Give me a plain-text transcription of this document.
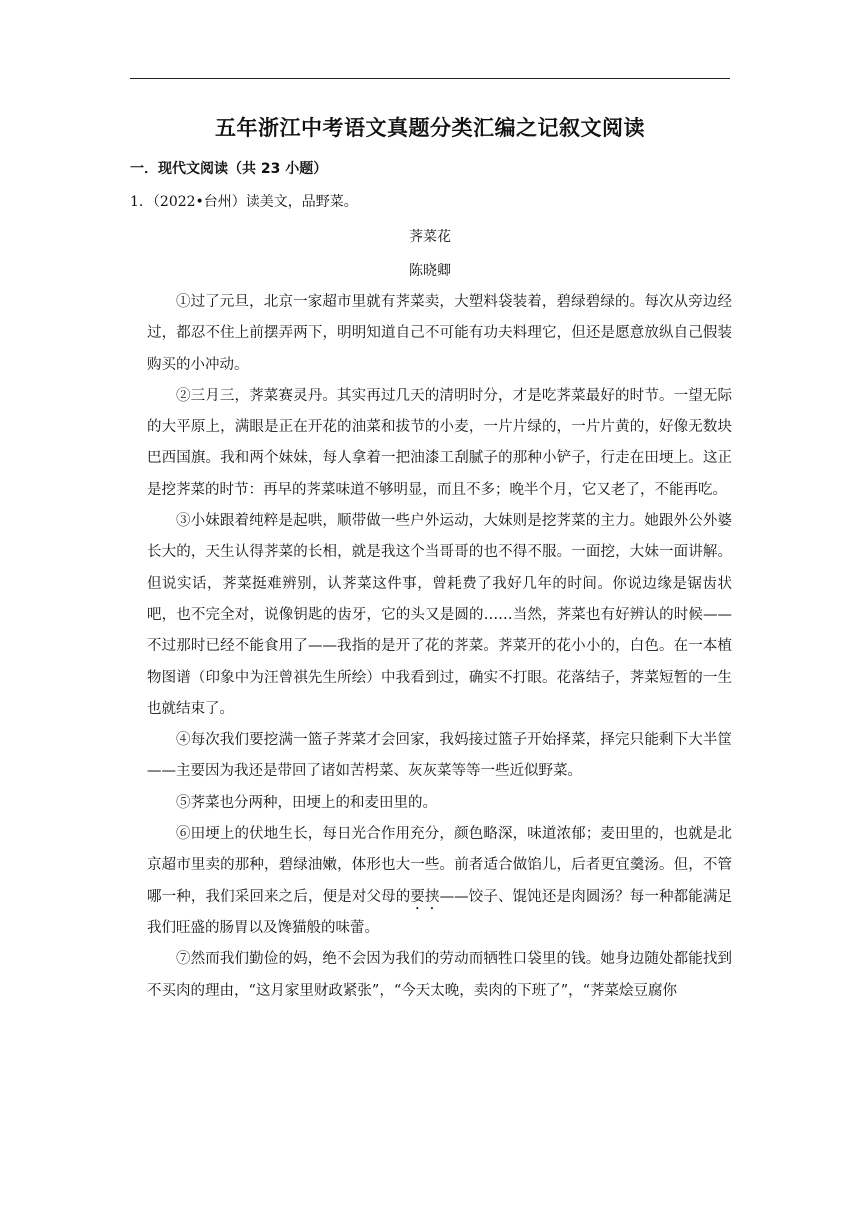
五年浙江中考语文真题分类汇编之记叙文阅读
一．现代文阅读（共 23 小题）
1．（2022•台州）读美文，品野菜。
荠菜花
陈晓卿

①过了元旦，北京一家超市里就有荠菜卖，大塑料袋装着，碧绿碧绿的。每次从旁边经过，都忍不住上前摆弄两下，明明知道自己不可能有功夫料理它，但还是愿意放纵自己假装购买的小冲动。

②三月三，荠菜赛灵丹。其实再过几天的清明时分，才是吃荠菜最好的时节。一望无际的大平原上，满眼是正在开花的油菜和拔节的小麦，一片片绿的，一片片黄的，好像无数块巴西国旗。我和两个妹妹，每人拿着一把油漆工刮腻子的那种小铲子，行走在田埂上。这正是挖荠菜的时节：再早的荠菜味道不够明显，而且不多；晚半个月，它又老了，不能再吃。

③小妹跟着纯粹是起哄，顺带做一些户外运动，大妹则是挖荠菜的主力。她跟外公外婆长大的，天生认得荠菜的长相，就是我这个当哥哥的也不得不服。一面挖，大妹一面讲解。但说实话，荠菜挺难辨别，认荠菜这件事，曾耗费了我好几年的时间。你说边缘是锯齿状吧，也不完全对，说像钥匙的齿牙，它的头又是圆的……当然，荠菜也有好辨认的时候——不过那时已经不能食用了——我指的是开了花的荠菜。荠菜开的花小小的，白色。在一本植物图谱（印象中为汪曾祺先生所绘）中我看到过，确实不打眼。花落结子，荠菜短暂的一生也就结束了。

④每次我们要挖满一篮子荠菜才会回家，我妈接过篮子开始择菜，择完只能剩下大半筐——主要因为我还是带回了诸如苦枵菜、灰灰菜等等一些近似野菜。

⑤荠菜也分两种，田埂上的和麦田里的。

⑥田埂上的伏地生长，每日光合作用充分，颜色略深，味道浓郁；麦田里的，也就是北京超市里卖的那种，碧绿油嫩，体形也大一些。前者适合做馅儿，后者更宜羹汤。但，不管哪一种，我们采回来之后，便是对父母的要挟——饺子、馄饨还是肉圆汤？每一种都能满足我们旺盛的肠胃以及馋猫般的味蕾。

⑦然而我们勤俭的妈，绝不会因为我们的劳动而牺牲口袋里的钱。她身边随处都能找到不买肉的理由，“这月家里财政紧张”，“今天太晚，卖肉的下班了”，“荠菜烩豆腐你
